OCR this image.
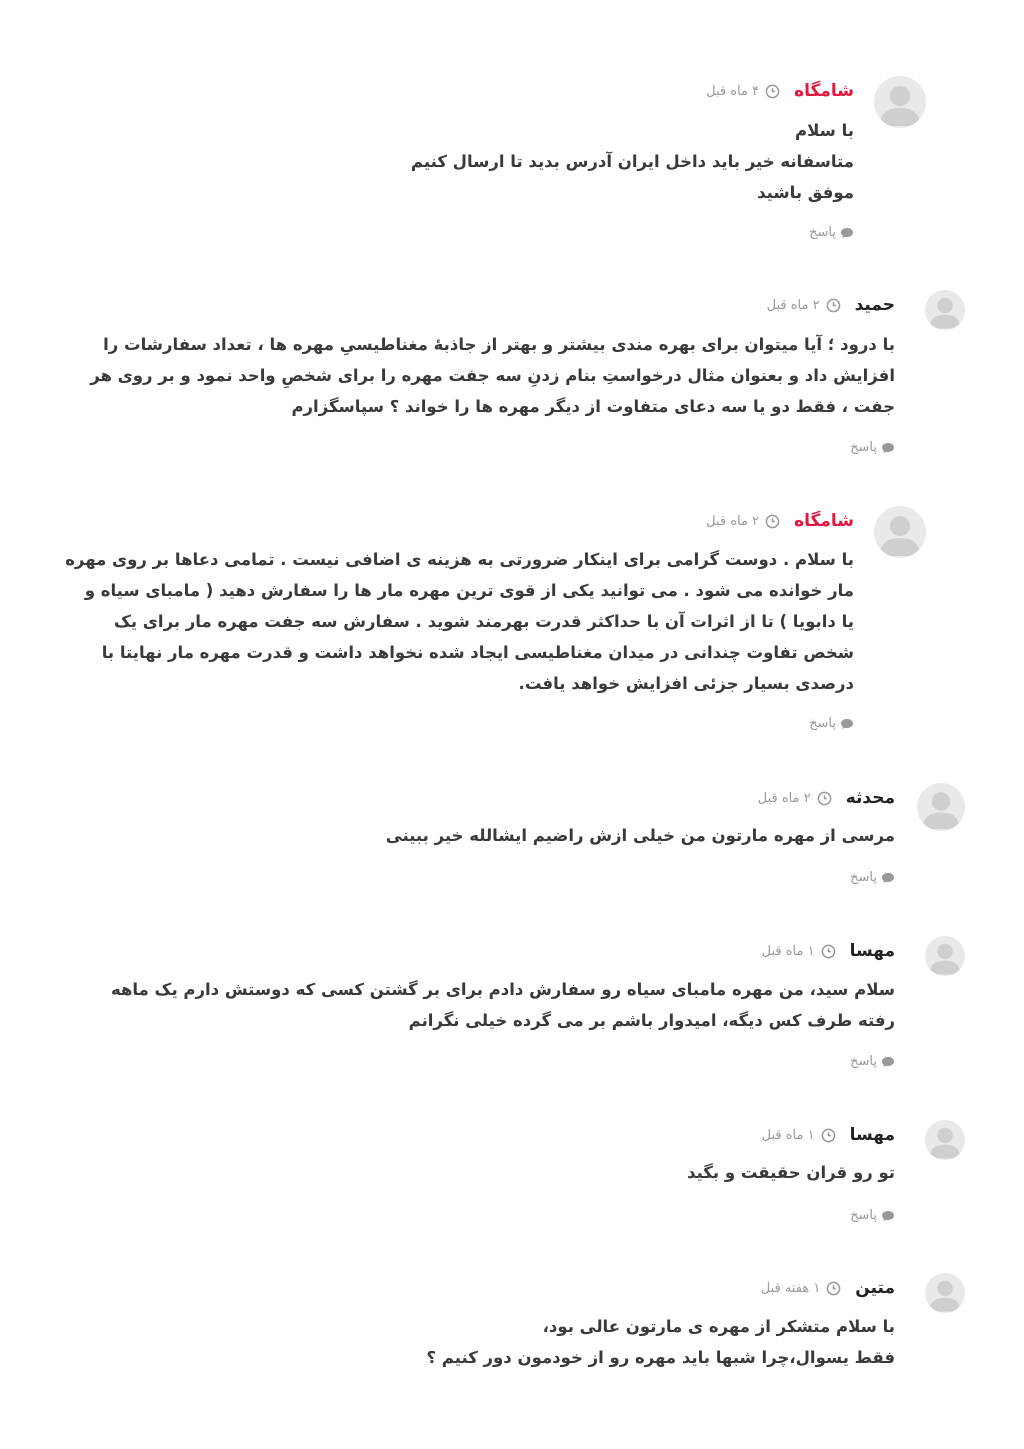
شامگاه
۴ ماه قبل
با سلام
متاسفانه خیر باید داخل ایران آدرس بدید تا ارسال کنیم
موفق باشید
پاسخ
حمید
۲ ماه قبل
با درود ؛ آیا میتوان برای بهره مندی بیشتر و بهتر از جاذبهٔ مغناطیسیِ مهره ها ، تعداد سفارشات را
افزایش داد و بعنوان مثال درخواستِ بنام زدنِ سه جفت مهره را برای شخصِ واحد نمود و بر روی هر
جفت ، فقط دو یا سه دعای متفاوت از دیگر مهره ها را خواند ؟ سپاسگزارم
پاسخ
شامگاه
۲ ماه قبل
با سلام . دوست گرامی برای اینکار ضرورتی به هزینه ی اضافی نیست . تمامی دعاها بر روی مهره
مار خوانده می شود . می توانید یکی از قوی ترین مهره مار ها را سفارش دهید ( مامبای سیاه و
یا دابویا ) تا از اثرات آن با حداکثر قدرت بهرمند شوید . سفارش سه جفت مهره مار برای یک
شخص تفاوت چندانی در میدان مغناطیسی ایجاد شده نخواهد داشت و قدرت مهره مار نهایتا با
درصدی بسیار جزئی افزایش خواهد یافت.
پاسخ
محدثه
۲ ماه قبل
مرسی از مهره مارتون من خیلی ازش راضیم ایشالله خیر ببینی
پاسخ
مهسا
۱ ماه قبل
سلام سید، من مهره مامبای سیاه رو سفارش دادم برای بر گشتن کسی که دوستش دارم یک ماهه
رفته طرف کس دیگه، امیدوار باشم بر می گرده خیلی نگرانم
پاسخ
مهسا
۱ ماه قبل
تو رو قران حقیقت و بگید
پاسخ
متین
۱ هفته قبل
با سلام متشکر از مهره ی مارتون عالی بود،
فقط یسوال،چرا شبها باید مهره رو از خودمون دور کنیم ؟
